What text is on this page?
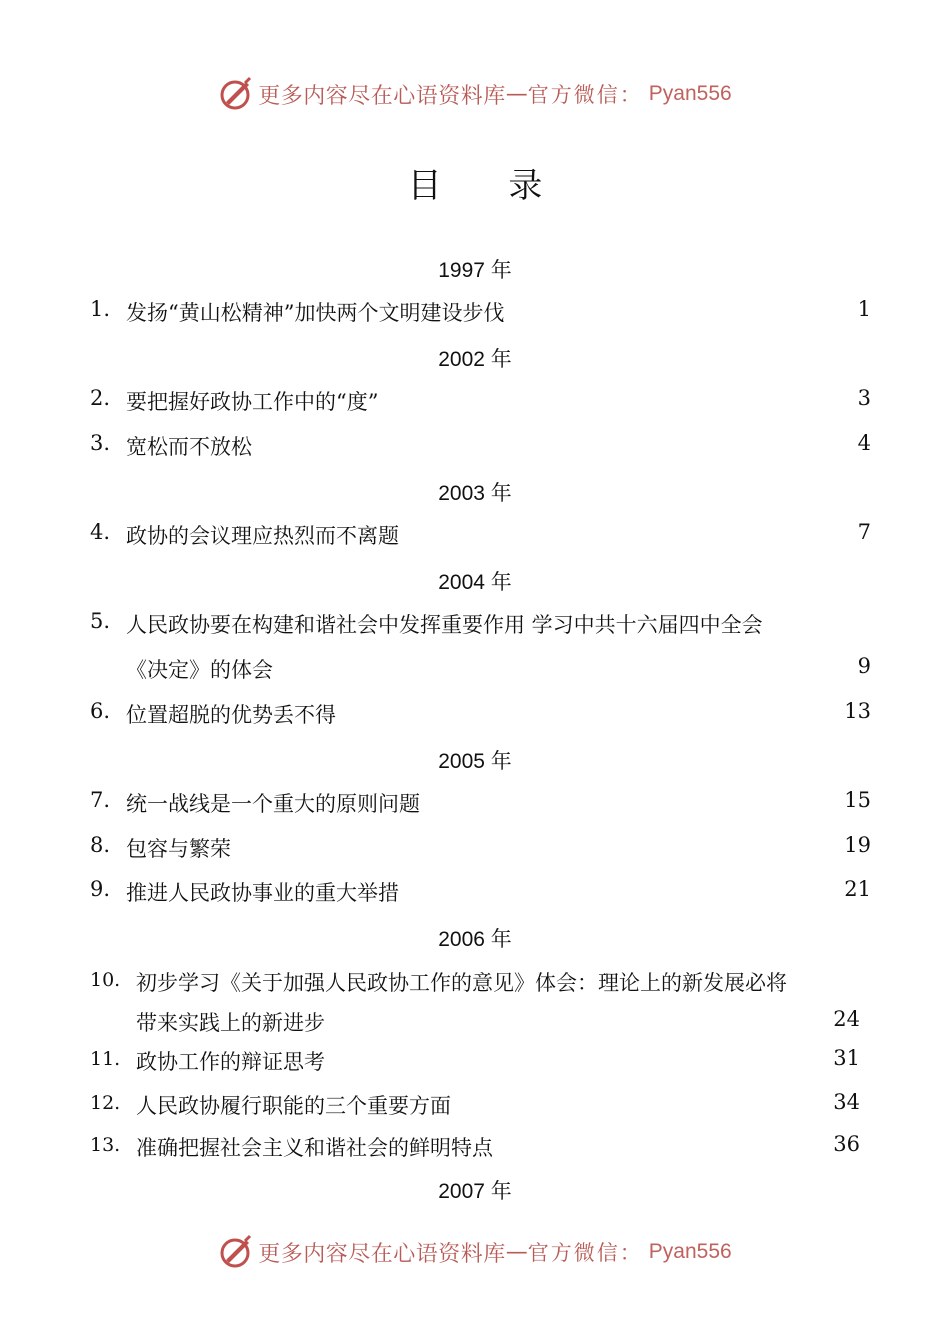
更多内容尽在心语资料库 — 官方微信： Pyan556
目 录
1997 年
2002 年
2003 年
2004 年
2005 年
2006 年
2007 年
1. 发扬“黄山松精神”加快两个文明建设步伐	1
2. 要把握好政协工作中的“度”	3
3. 宽松而不放松	4
4. 政协的会议理应热烈而不离题	7
5. 人民政协要在构建和谐社会中发挥重要作用 学习中共十六届四中全会
《决定》的体会	9
6. 位置超脱的优势丢不得	13
7. 统一战线是一个重大的原则问题	15
8. 包容与繁荣	19
9. 推进人民政协事业的重大举措	21
10. 初步学习《关于加强人民政协工作的意见》体会：理论上的新发展必将
带来实践上的新进步	24
11. 政协工作的辩证思考	31
12. 人民政协履行职能的三个重要方面	34
13. 准确把握社会主义和谐社会的鲜明特点	36
更多内容尽在心语资料库 — 官方微信： Pyan556
